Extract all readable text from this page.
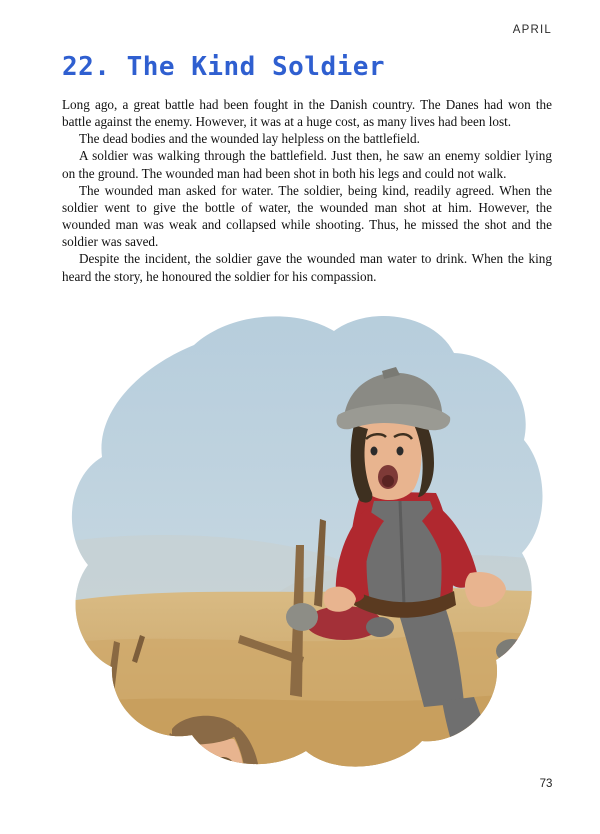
APRIL
22. The Kind Soldier

Long ago, a great battle had been fought in the Danish country. The Danes had won the battle against the enemy. However, it was at a huge cost, as many lives had been lost.

The dead bodies and the wounded lay helpless on the battlefield.

A soldier was walking through the battlefield. Just then, he saw an enemy soldier lying on the ground. The wounded man had been shot in both his legs and could not walk.

The wounded man asked for water. The soldier, being kind, readily agreed. When the soldier went to give the bottle of water, the wounded man shot at him. However, the wounded man was weak and collapsed while shooting. Thus, he missed the shot and the soldier was saved.

Despite the incident, the soldier gave the wounded man water to drink. When the king heard the story, he honoured the soldier for his compassion.

73
